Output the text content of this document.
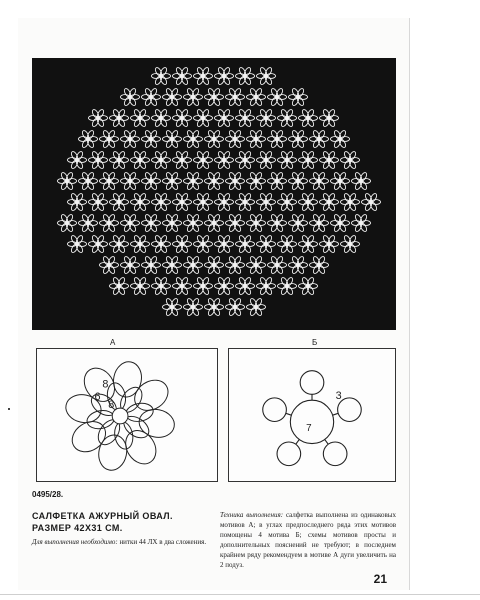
А	Б
8
6
8
3
7
0495/28.
САЛФЕТКА АЖУРНЫЙ ОВАЛ.
РАЗМЕР 42Х31 СМ.
Для выполнения необходимо: нитки 44 ЛХ в два сложения.
Техника выполнения: салфетка выполнена из одинаковых мотивов А; в углах предпоследнего ряда этих мотивов помощены 4 мотива Б; схемы мотивов просты и дополнительных пояснений не требуют; в последнем крайнем ряду рекомендуем в мотиве А дуги увеличить на 2 подуз.
21
